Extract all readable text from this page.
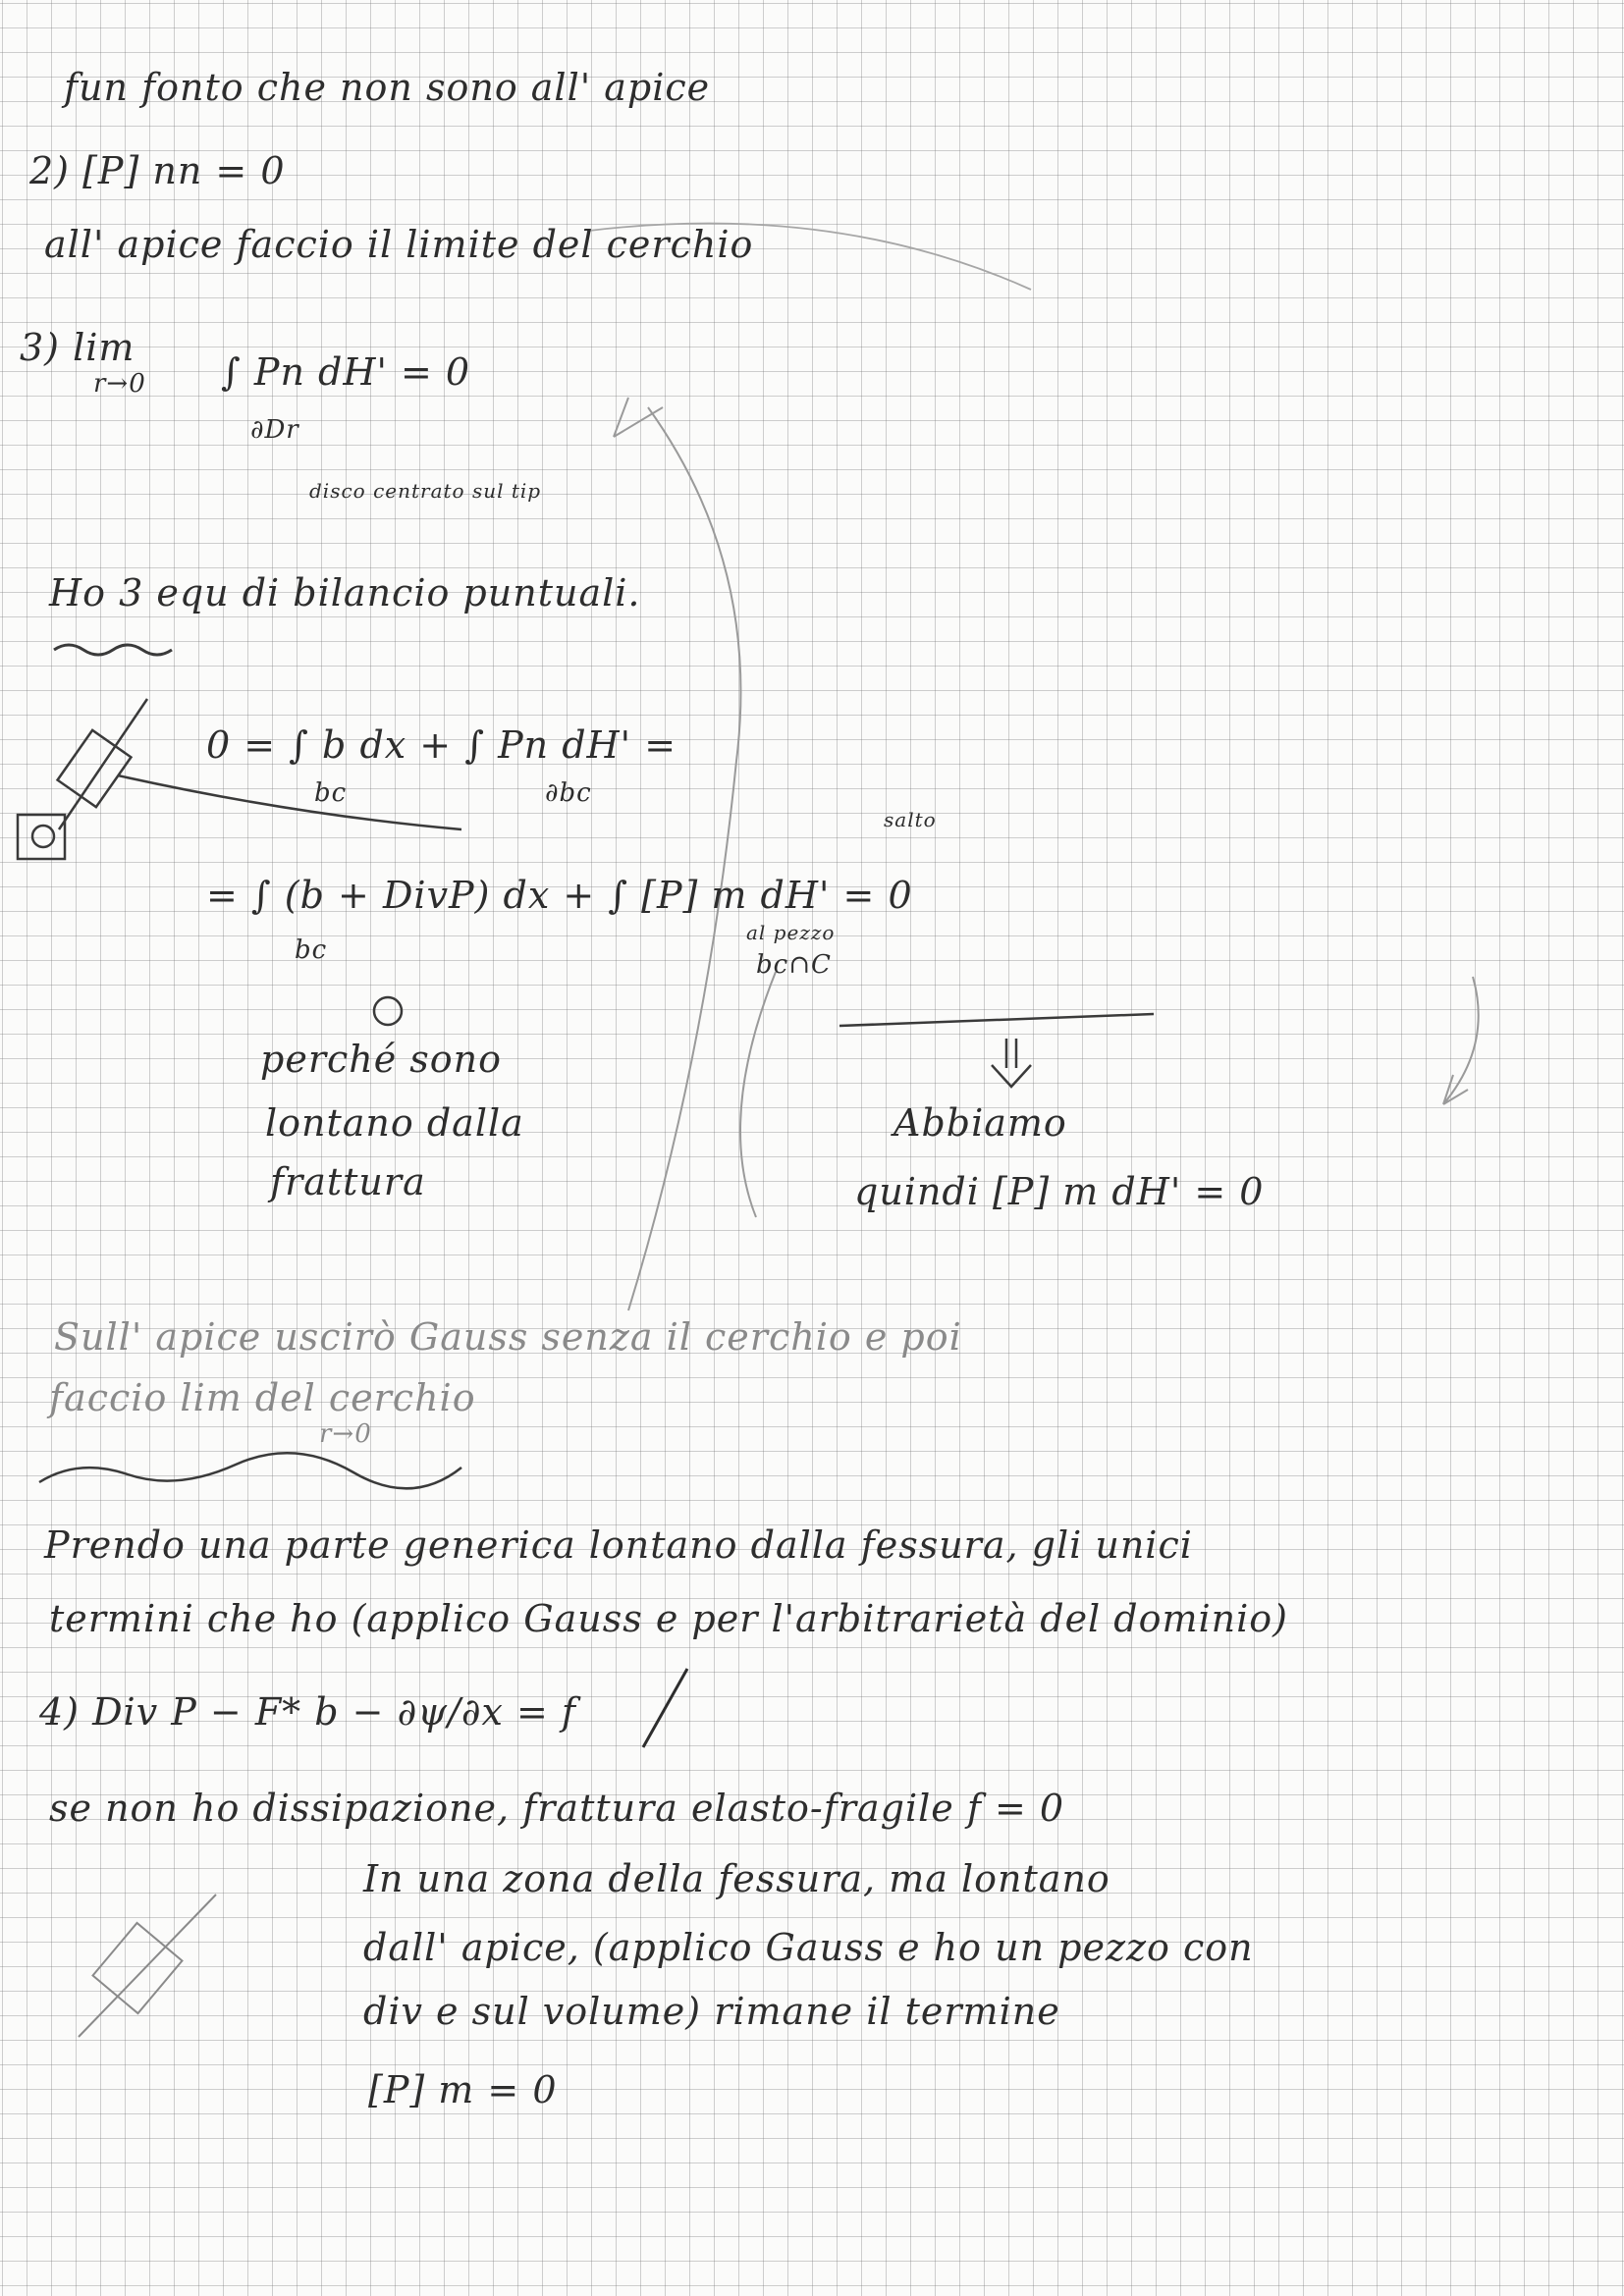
fun fonto che non sono all' apice
2) [P] nn = 0
all' apice faccio il limite del cerchio
3) lim
r→0 ∫ Pn dH' = 0
∂Dr
disco centrato sul tip
Ho 3 equ di bilancio puntuali.
0 = ∫ b dx + ∫ Pn dH' =
bc	∂bc
salto
= ∫ (b + DivP) dx + ∫ [P] m dH' = 0
bc
al pezzo
bc∩C
perché sono
lontano dalla
frattura
Abbiamo
quindi [P] m dH' = 0
Sull' apice uscirò Gauss senza il cerchio e poi
faccio lim del cerchio
r→0
Prendo una parte generica lontano dalla fessura, gli unici
termini che ho (applico Gauss e per l'arbitrarietà del dominio)
4) Div P − F* b − ∂ψ/∂x = f
se non ho dissipazione, frattura elasto-fragile f = 0
In una zona della fessura, ma lontano
dall' apice, (applico Gauss e ho un pezzo con
div e sul volume) rimane il termine
[P] m = 0
